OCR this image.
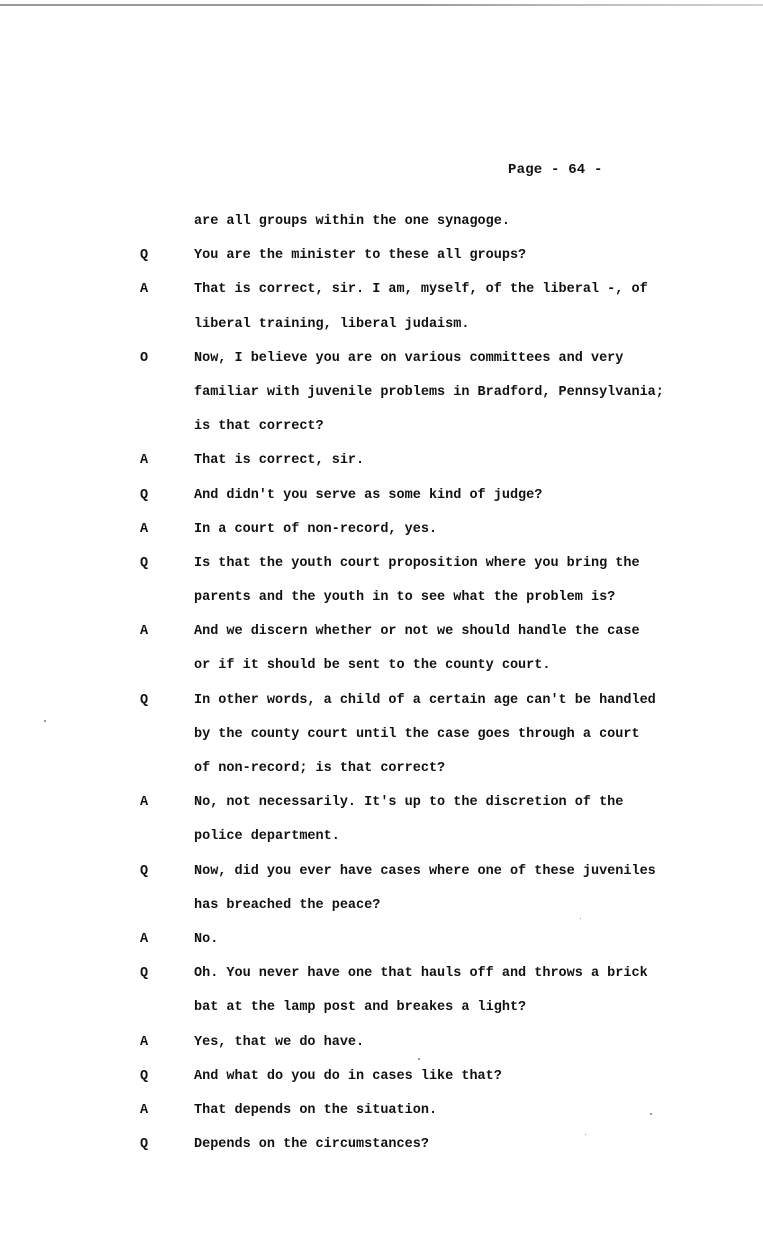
Page - 64 -
are all groups within the one synagoge.
Q	You are the minister to these all groups?
A	That is correct, sir. I am, myself, of the liberal -, of
liberal training, liberal judaism.
O	Now, I believe you are on various committees and very
familiar with juvenile problems in Bradford, Pennsylvania;
is that correct?
A	That is correct, sir.
Q	And didn't you serve as some kind of judge?
A	In a court of non-record, yes.
Q	Is that the youth court proposition where you bring the
parents and the youth in to see what the problem is?
A	And we discern whether or not we should handle the case
or if it should be sent to the county court.
Q	In other words, a child of a certain age can't be handled
by the county court until the case goes through a court
of non-record; is that correct?
A	No, not necessarily. It's up to the discretion of the
police department.
Q	Now, did you ever have cases where one of these juveniles
has breached the peace?
A	No.
Q	Oh. You never have one that hauls off and throws a brick
bat at the lamp post and breakes a light?
A	Yes, that we do have.
Q	And what do you do in cases like that?
A	That depends on the situation.
Q	Depends on the circumstances?
